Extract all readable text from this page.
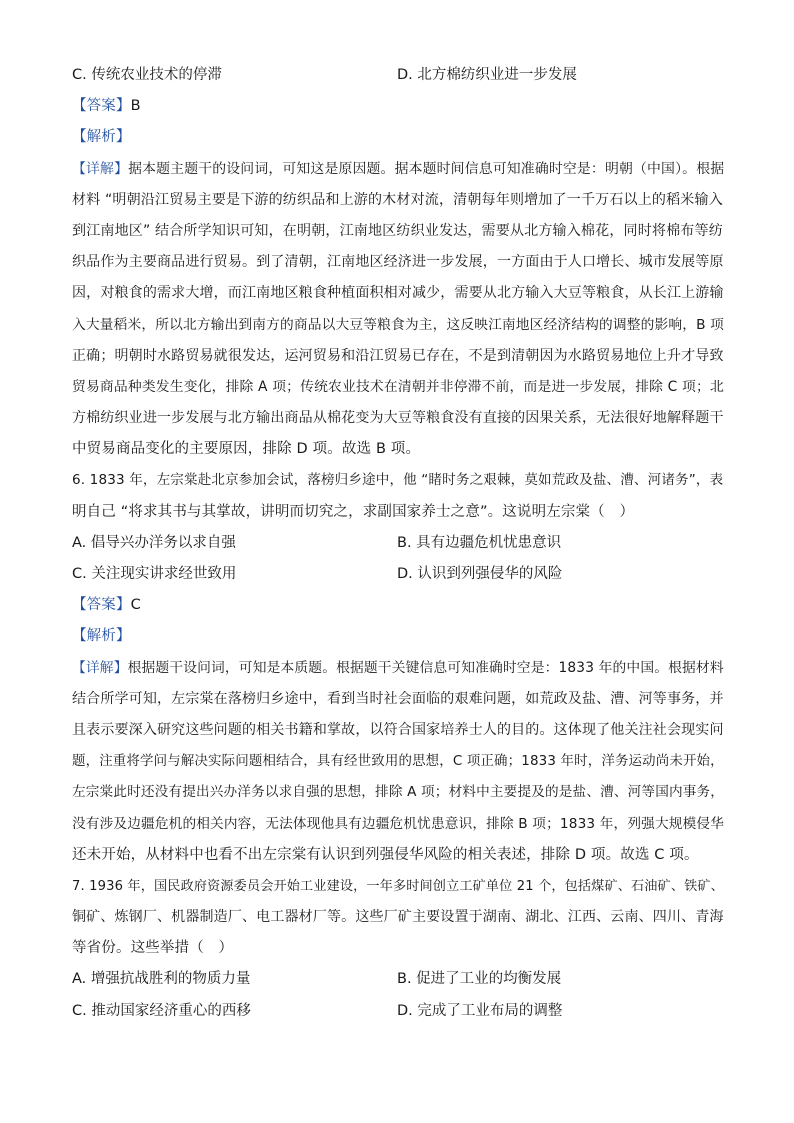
C. 传统农业技术的停滞	D. 北方棉纺织业进一步发展
【答案】B
【解析】
【详解】据本题主题干的设问词，可知这是原因题。据本题时间信息可知准确时空是：明朝（中国）。根据
材料 “明朝沿江贸易主要是下游的纺织品和上游的木材对流，清朝每年则增加了一千万石以上的稻米输入
到江南地区” 结合所学知识可知，在明朝，江南地区纺织业发达，需要从北方输入棉花，同时将棉布等纺
织品作为主要商品进行贸易。到了清朝，江南地区经济进一步发展，一方面由于人口增长、城市发展等原
因，对粮食的需求大增，而江南地区粮食种植面积相对减少，需要从北方输入大豆等粮食，从长江上游输
入大量稻米，所以北方输出到南方的商品以大豆等粮食为主，这反映江南地区经济结构的调整的影响，B 项
正确；明朝时水路贸易就很发达，运河贸易和沿江贸易已存在，不是到清朝因为水路贸易地位上升才导致
贸易商品种类发生变化，排除 A 项；传统农业技术在清朝并非停滞不前，而是进一步发展，排除 C 项；北
方棉纺织业进一步发展与北方输出商品从棉花变为大豆等粮食没有直接的因果关系，无法很好地解释题干
中贸易商品变化的主要原因，排除 D 项。故选 B 项。
6. 1833 年，左宗棠赴北京参加会试，落榜归乡途中，他 “睹时务之艰棘，莫如荒政及盐、漕、河诸务”，表
明自己 “将求其书与其掌故，讲明而切究之，求副国家养士之意”。这说明左宗棠（　）
A. 倡导兴办洋务以求自强	B. 具有边疆危机忧患意识
C. 关注现实讲求经世致用	D. 认识到列强侵华的风险
【答案】C
【解析】
【详解】根据题干设问词，可知是本质题。根据题干关键信息可知准确时空是：1833 年的中国。根据材料
结合所学可知，左宗棠在落榜归乡途中，看到当时社会面临的艰难问题，如荒政及盐、漕、河等事务，并
且表示要深入研究这些问题的相关书籍和掌故，以符合国家培养士人的目的。这体现了他关注社会现实问
题，注重将学问与解决实际问题相结合，具有经世致用的思想，C 项正确；1833 年时，洋务运动尚未开始，
左宗棠此时还没有提出兴办洋务以求自强的思想，排除 A 项；材料中主要提及的是盐、漕、河等国内事务，
没有涉及边疆危机的相关内容，无法体现他具有边疆危机忧患意识，排除 B 项；1833 年，列强大规模侵华
还未开始，从材料中也看不出左宗棠有认识到列强侵华风险的相关表述，排除 D 项。故选 C 项。
7. 1936 年，国民政府资源委员会开始工业建设，一年多时间创立工矿单位 21 个，包括煤矿、石油矿、铁矿、
铜矿、炼钢厂、机器制造厂、电工器材厂等。这些厂矿主要设置于湖南、湖北、江西、云南、四川、青海
等省份。这些举措（　）
A. 增强抗战胜利的物质力量	B. 促进了工业的均衡发展
C. 推动国家经济重心的西移	D. 完成了工业布局的调整
